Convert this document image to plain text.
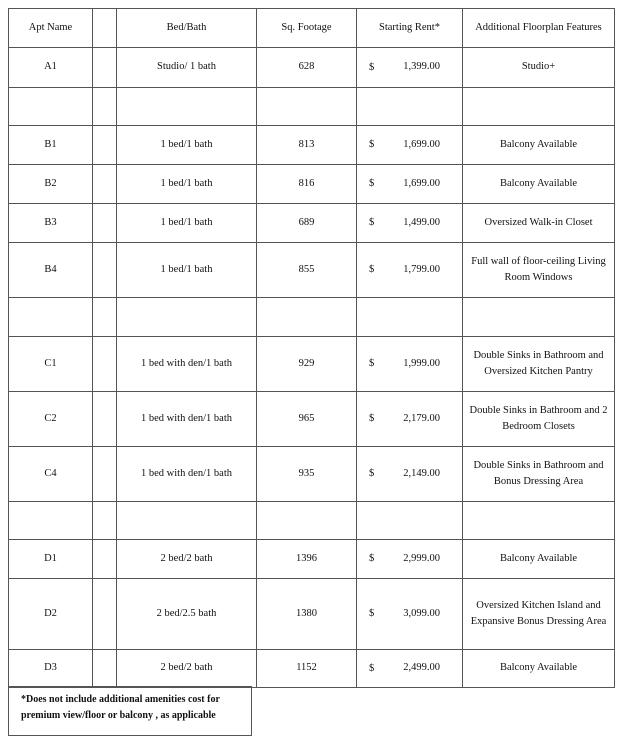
Apt Name		Bed/Bath	Sq. Footage	Starting Rent*	Additional Floorplan Features
A1		Studio/ 1 bath	628	$ 1,399.00	Studio+

B1		1 bed/1 bath	813	$ 1,699.00	Balcony Available
B2		1 bed/1 bath	816	$ 1,699.00	Balcony Available
B3		1 bed/1 bath	689	$ 1,499.00	Oversized Walk-in Closet
B4		1 bed/1 bath	855	$ 1,799.00	Full wall of floor-ceiling Living Room Windows

C1		1 bed with den/1 bath	929	$ 1,999.00	Double Sinks in Bathroom and Oversized Kitchen Pantry
C2		1 bed with den/1 bath	965	$ 2,179.00	Double Sinks in Bathroom and 2 Bedroom Closets
C4		1 bed with den/1 bath	935	$ 2,149.00	Double Sinks in Bathroom and Bonus Dressing Area

D1		2 bed/2 bath	1396	$ 2,999.00	Balcony Available
D2		2 bed/2.5 bath	1380	$ 3,099.00	Oversized Kitchen Island and Expansive Bonus Dressing Area
D3		2 bed/2 bath	1152	$ 2,499.00	Balcony Available
*Does not include additional amenities cost for premium view/floor or balcony , as applicable
